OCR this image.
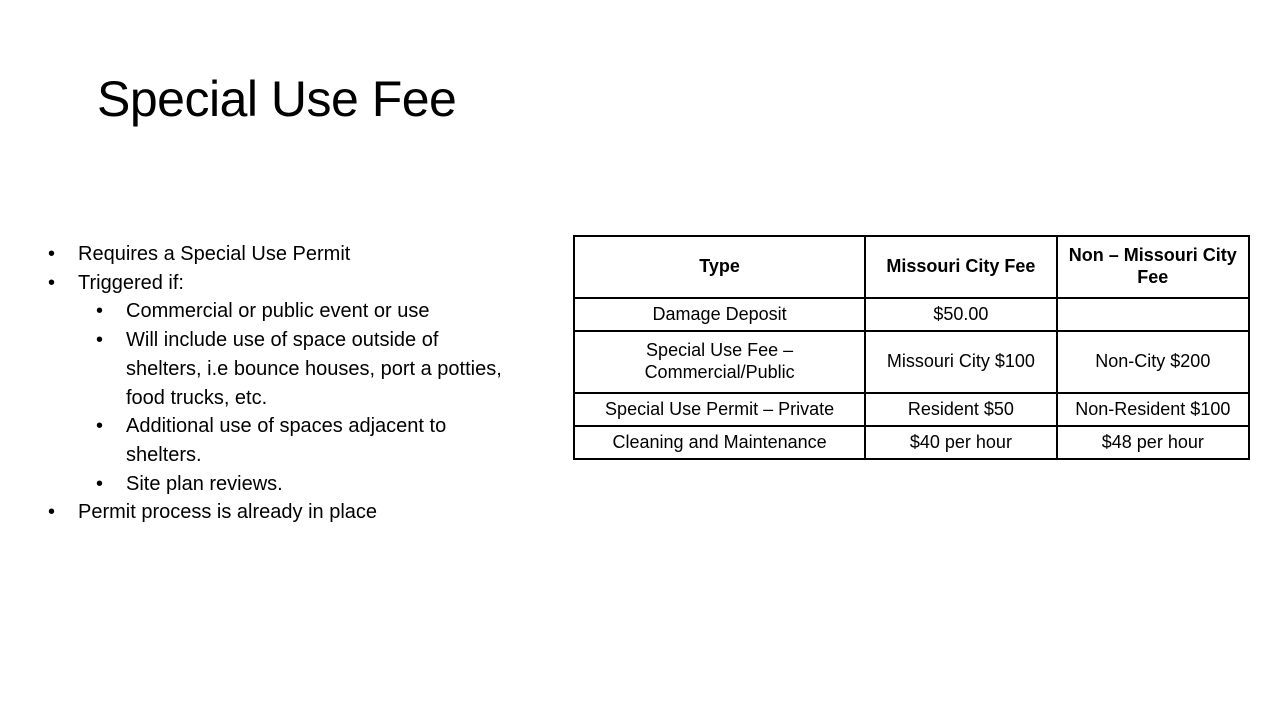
Special Use Fee
• Requires a Special Use Permit
• Triggered if:
• Commercial or public event or use
• Will include use of space outside of shelters, i.e bounce houses, port a potties, food trucks, etc.
• Additional use of spaces adjacent to shelters.
• Site plan reviews.
• Permit process is already in place
Type	Missouri City Fee	Non – Missouri City Fee
Damage Deposit	$50.00	
Special Use Fee – Commercial/Public	Missouri City $100	Non-City $200
Special Use Permit – Private	Resident $50	Non-Resident $100
Cleaning and Maintenance	$40 per hour	$48 per hour
